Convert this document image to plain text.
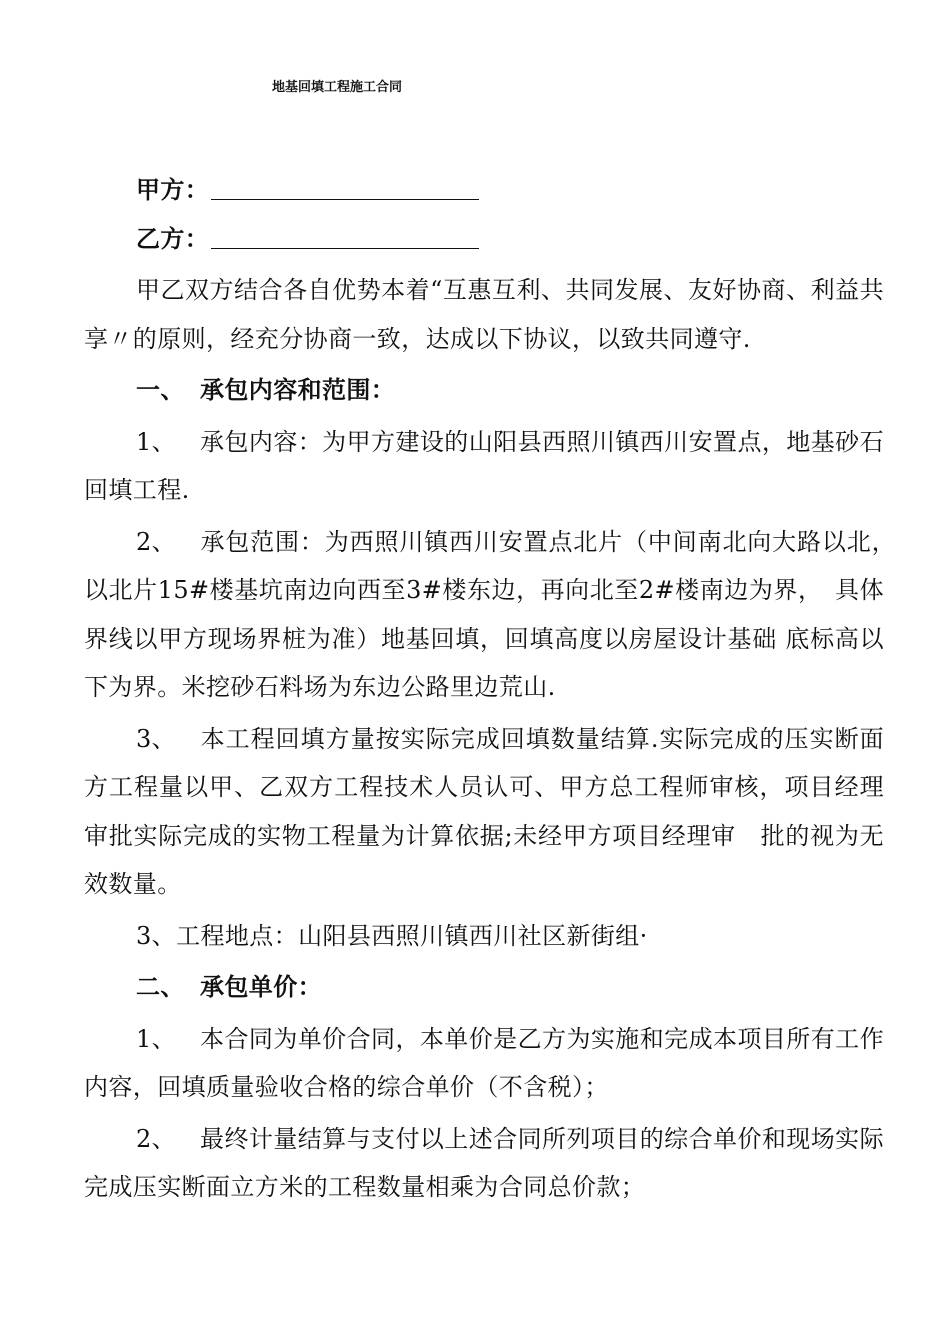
地基回填工程施工合同
甲方：
乙方：

甲乙双方结合各自优势本着“互惠互利、共同发展、友好协商、利益共享〃的原则，经充分协商一致，达成以下协议，以致共同遵守.

一、 承包内容和范围：

1、 承包内容：为甲方建设的山阳县西照川镇西川安置点，地基砂石回填工程.

2、 承包范围：为西照川镇西川安置点北片（中间南北向大路以北，　以北片15#楼基坑南边向西至3#楼东边，再向北至2#楼南边为界，　具体界线以甲方现场界桩为准）地基回填，回填高度以房屋设计基础 底标高以下为界。米挖砂石料场为东边公路里边荒山.

3、 本工程回填方量按实际完成回填数量结算.实际完成的压实断面方工程量以甲、乙双方工程技术人员认可、甲方总工程师审核，项目经理审批实际完成的实物工程量为计算依据;未经甲方项目经理审　批的视为无效数量。

3、工程地点：山阳县西照川镇西川社区新街组·

二、 承包单价：

1、 本合同为单价合同，本单价是乙方为实施和完成本项目所有工作内容，回填质量验收合格的综合单价（不含税）；

2、 最终计量结算与支付以上述合同所列项目的综合单价和现场实际完成压实断面立方米的工程数量相乘为合同总价款；
